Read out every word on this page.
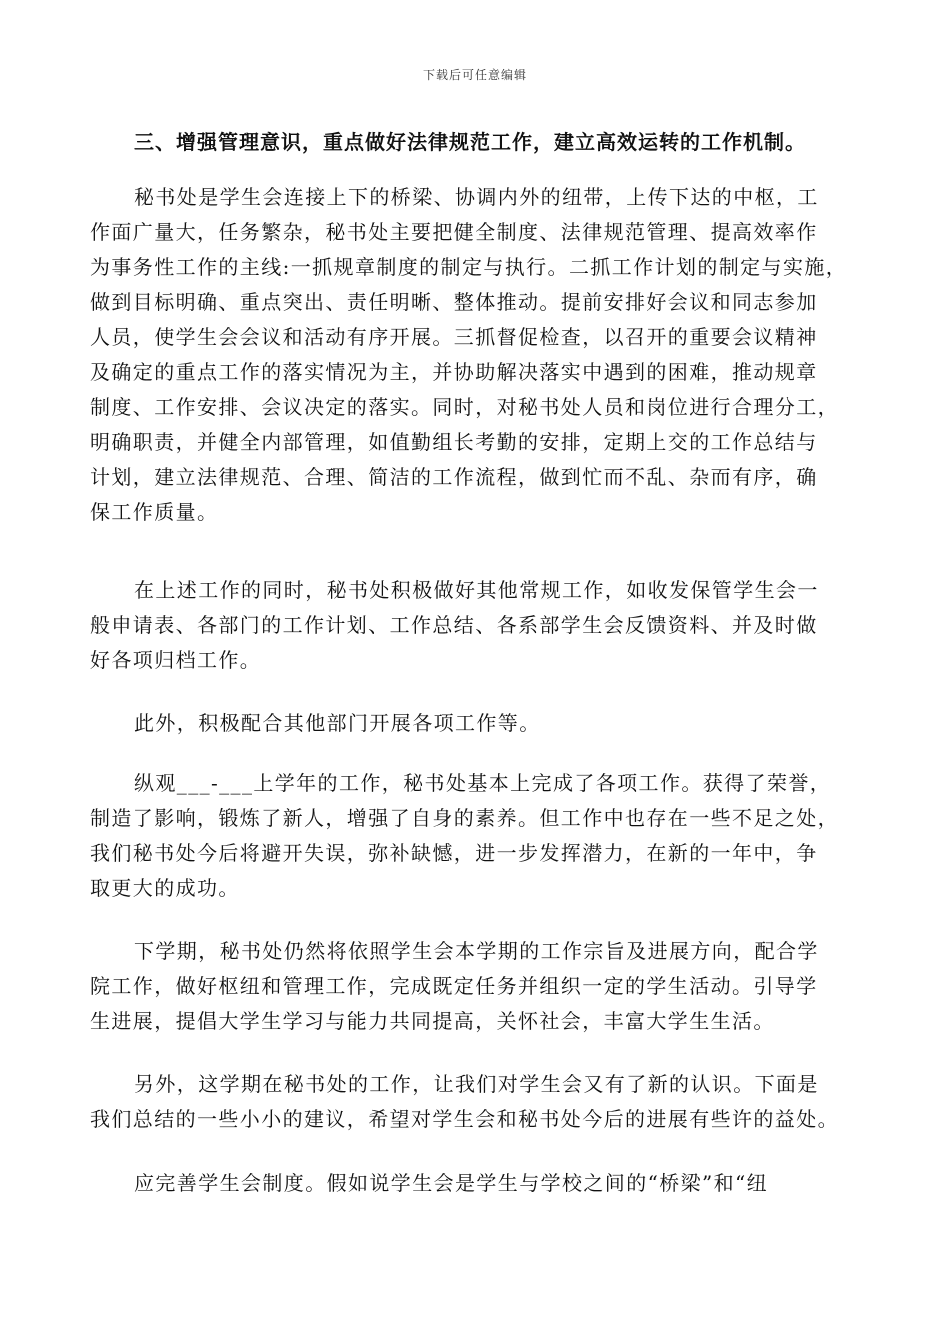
下载后可任意编辑
三、增强管理意识，重点做好法律规范工作，建立高效运转的工作机制。
秘书处是学生会连接上下的桥梁、协调内外的纽带，上传下达的中枢，工
作面广量大，任务繁杂，秘书处主要把健全制度、法律规范管理、提高效率作
为事务性工作的主线:一抓规章制度的制定与执行。二抓工作计划的制定与实施，
做到目标明确、重点突出、责任明晰、整体推动。提前安排好会议和同志参加
人员，使学生会会议和活动有序开展。三抓督促检查，以召开的重要会议精神
及确定的重点工作的落实情况为主，并协助解决落实中遇到的困难，推动规章
制度、工作安排、会议决定的落实。同时，对秘书处人员和岗位进行合理分工，
明确职责，并健全内部管理，如值勤组长考勤的安排，定期上交的工作总结与
计划，建立法律规范、合理、简洁的工作流程，做到忙而不乱、杂而有序，确
保工作质量。
在上述工作的同时，秘书处积极做好其他常规工作，如收发保管学生会一
般申请表、各部门的工作计划、工作总结、各系部学生会反馈资料、并及时做
好各项归档工作。
此外，积极配合其他部门开展各项工作等。
纵观___-___上学年的工作，秘书处基本上完成了各项工作。获得了荣誉，
制造了影响，锻炼了新人，增强了自身的素养。但工作中也存在一些不足之处，
我们秘书处今后将避开失误，弥补缺憾，进一步发挥潜力，在新的一年中，争
取更大的成功。
下学期，秘书处仍然将依照学生会本学期的工作宗旨及进展方向，配合学
院工作，做好枢纽和管理工作，完成既定任务并组织一定的学生活动。引导学
生进展，提倡大学生学习与能力共同提高，关怀社会，丰富大学生生活。
另外，这学期在秘书处的工作，让我们对学生会又有了新的认识。下面是
我们总结的一些小小的建议，希望对学生会和秘书处今后的进展有些许的益处。
应完善学生会制度。假如说学生会是学生与学校之间的“桥梁”和“纽
